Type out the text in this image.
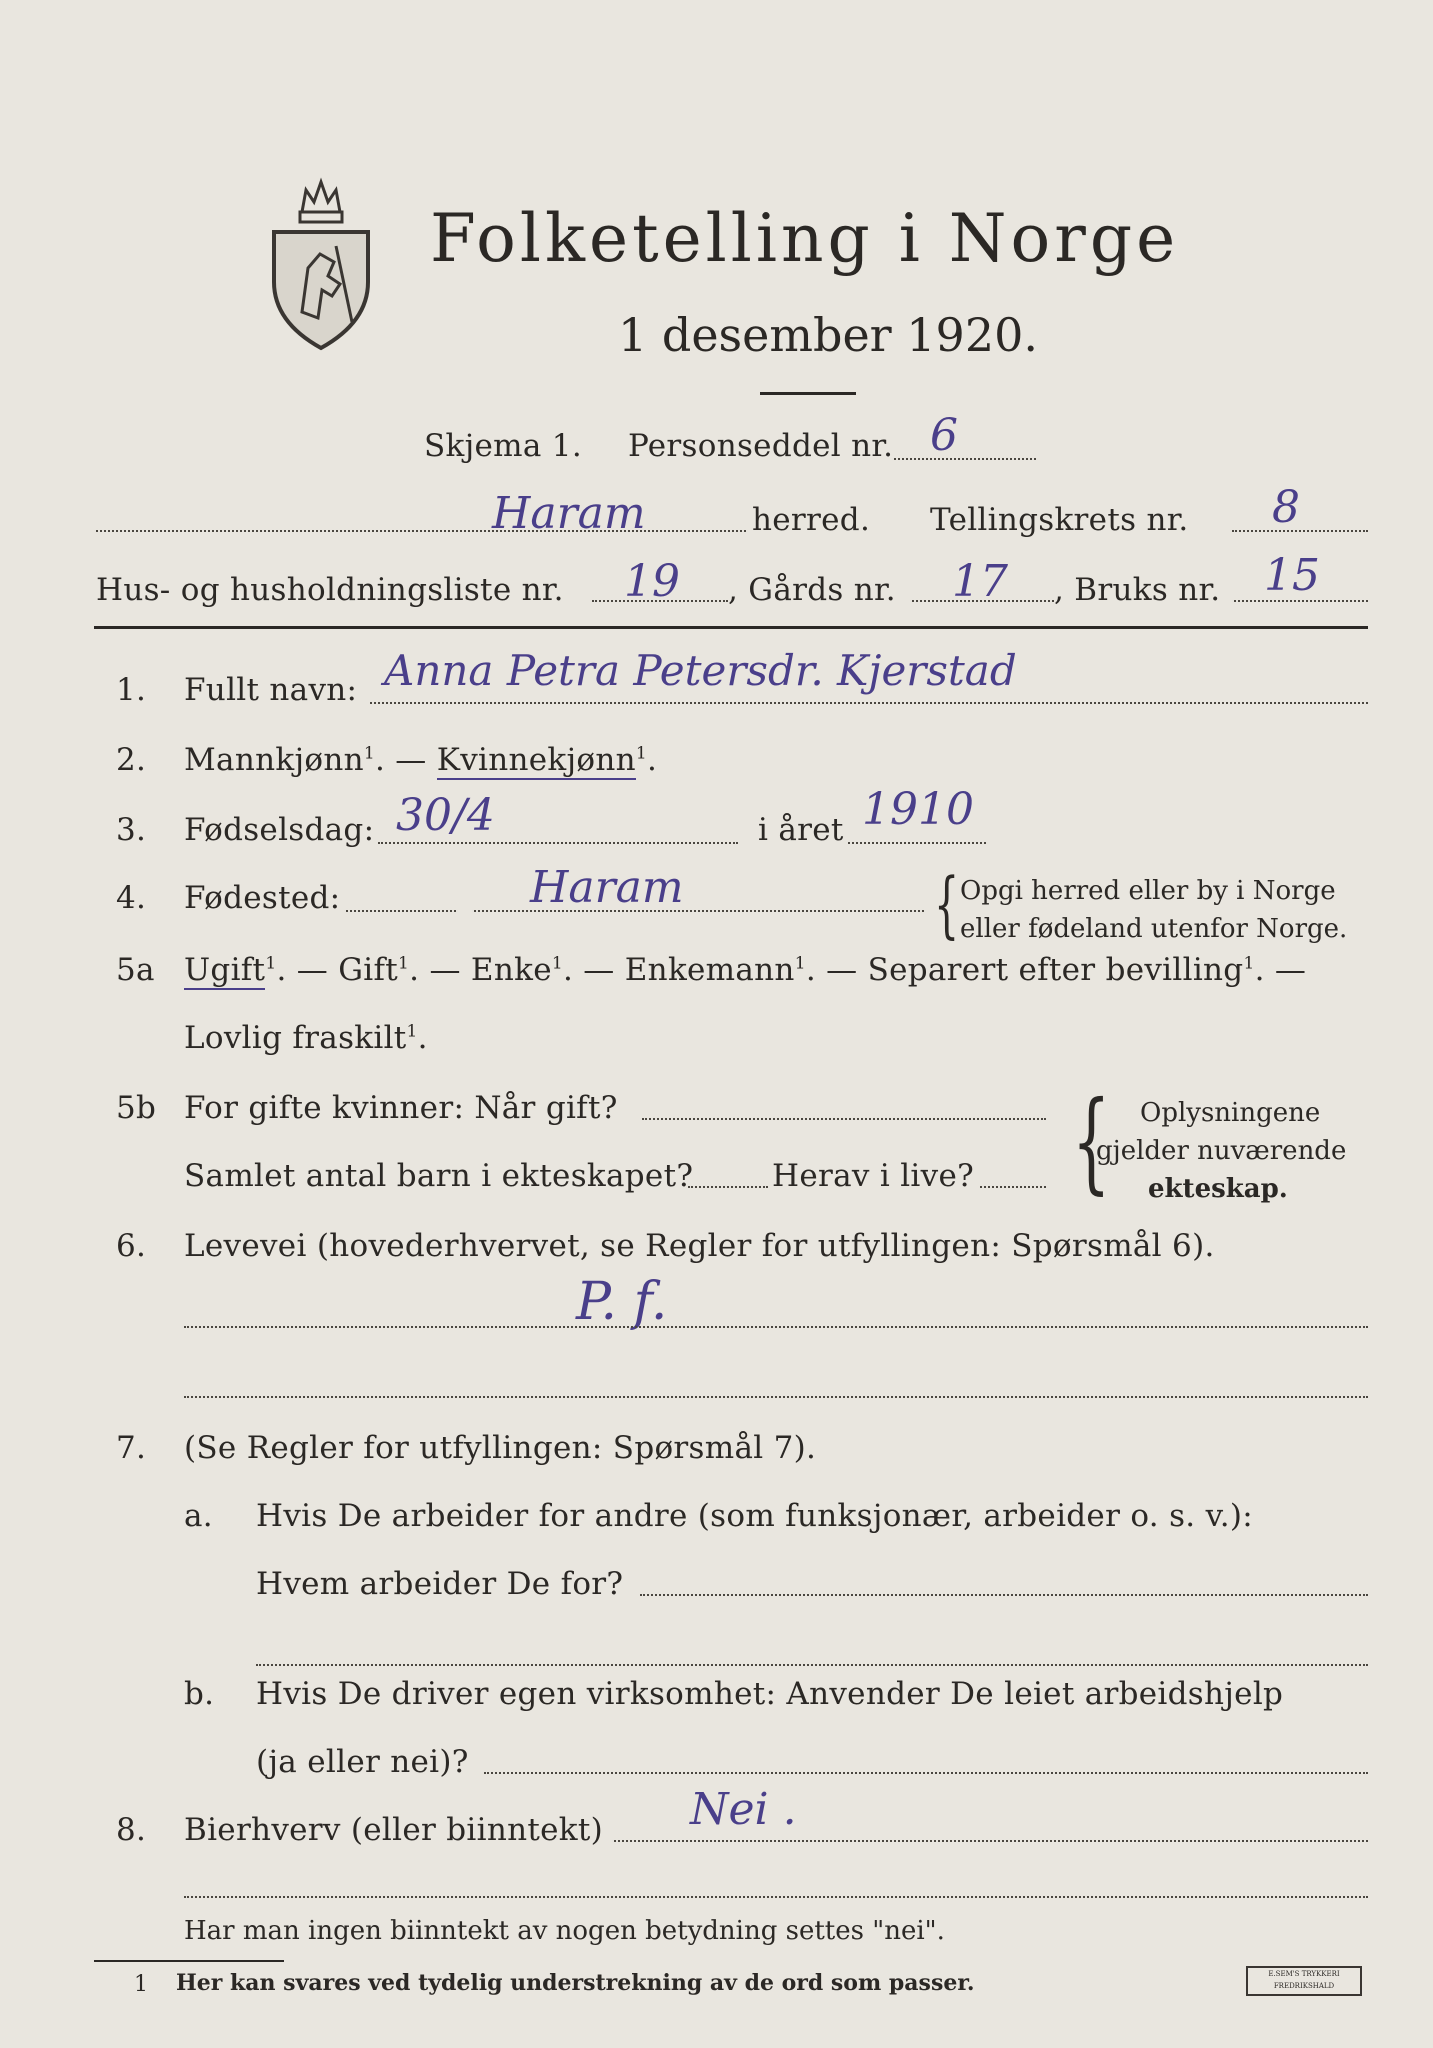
Folketelling i Norge
1 desember 1920.
Skjema 1. Personseddel nr. 6
Haram	herred. Tellingskrets nr. 8
Hus- og husholdningsliste nr. 19 , Gårds nr. 17 , Bruks nr. 15
1. Fullt navn: Anna Petra Petersdr. Kjerstad
2. Mannkjønn$^1$. — Kvinnekjønn$^1$.
3. Fødselsdag: 30/4	i året 1910
4. Fødested:	Haram	{ Opgi herred eller by i Norge
eller fødeland utenfor Norge.
5a Ugift$^1$. — Gift$^1$. — Enke$^1$. — Enkemann$^1$. — Separert efter bevilling$^1$. —
Lovlig fraskilt$^1$.
5b For gifte kvinner: Når gift?
Samlet antal barn i ekteskapet?	Herav i live? { Oplysningene
gjelder nuværende
ekteskap.
6. Levevei (hovederhvervet, se Regler for utfyllingen: Spørsmål 6).
P. f.
7. (Se Regler for utfyllingen: Spørsmål 7).
a. Hvis De arbeider for andre (som funksjonær, arbeider o. s. v.):
Hvem arbeider De for?
b. Hvis De driver egen virksomhet: Anvender De leiet arbeidshjelp
(ja eller nei)?
8. Bierhverv (eller biinntekt) Nei .
Har man ingen biinntekt av nogen betydning settes "nei".
1 Her kan svares ved tydelig understrekning av de ord som passer.	E.SEM'S TRYKKERI FREDRIKSHALD
